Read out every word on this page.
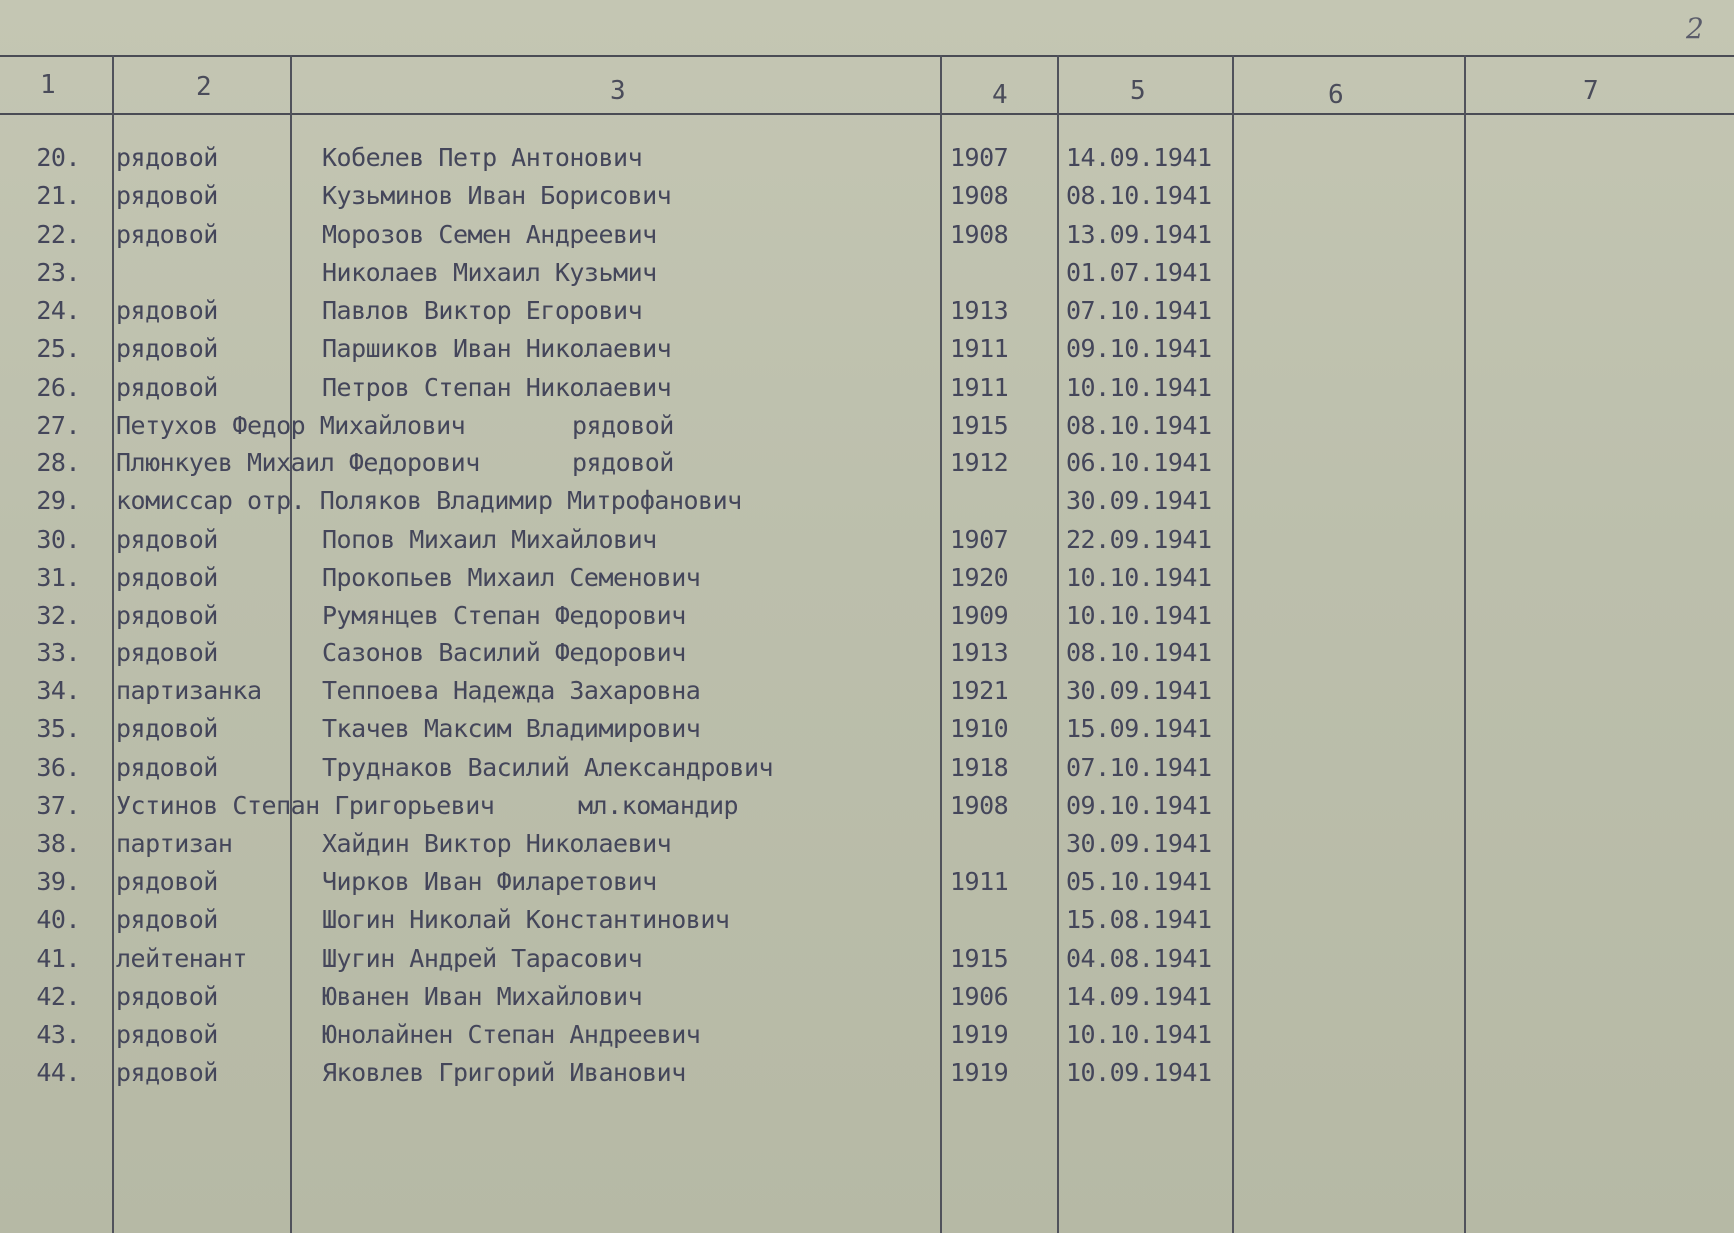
2
1	2	3	4	5	6	7
20. рядовой	Кобелев Петр Антонович	1907 14.09.1941
21. рядовой	Кузьминов Иван Борисович	1908 08.10.1941
22. рядовой	Морозов Семен Андреевич	1908 13.09.1941
23.	Николаев Михаил Кузьмич	01.07.1941
24. рядовой	Павлов Виктор Егорович	1913 07.10.1941
25. рядовой	Паршиков Иван Николаевич	1911 09.10.1941
26. рядовой	Петров Степан Николаевич	1911 10.10.1941
27. Петухов Федор Михайлович	рядовой	1915 08.10.1941
28. Плюнкуев Михаил Федорович	рядовой	1912 06.10.1941
29. комиссар отр. Поляков Владимир Митрофанович	30.09.1941
30. рядовой	Попов Михаил Михайлович	1907 22.09.1941
31. рядовой	Прокопьев Михаил Семенович	1920 10.10.1941
32. рядовой	Румянцев Степан Федорович	1909 10.10.1941
33. рядовой	Сазонов Василий Федорович	1913 08.10.1941
34. партизанка Теппоева Надежда Захаровна	1921 30.09.1941
35. рядовой	Ткачев Максим Владимирович	1910 15.09.1941
36. рядовой	Труднаков Василий Александрович	1918 07.10.1941
37. Устинов Степан Григорьевич	мл.командир	1908 09.10.1941
38. партизан	Хайдин Виктор Николаевич	30.09.1941
39. рядовой	Чирков Иван Филаретович	1911 05.10.1941
40. рядовой	Шогин Николай Константинович	15.08.1941
41. лейтенант	Шугин Андрей Тарасович	1915 04.08.1941
42. рядовой	Юванен Иван Михайлович	1906 14.09.1941
43. рядовой	Юнолайнен Степан Андреевич	1919 10.10.1941
44. рядовой	Яковлев Григорий Иванович	1919 10.09.1941
